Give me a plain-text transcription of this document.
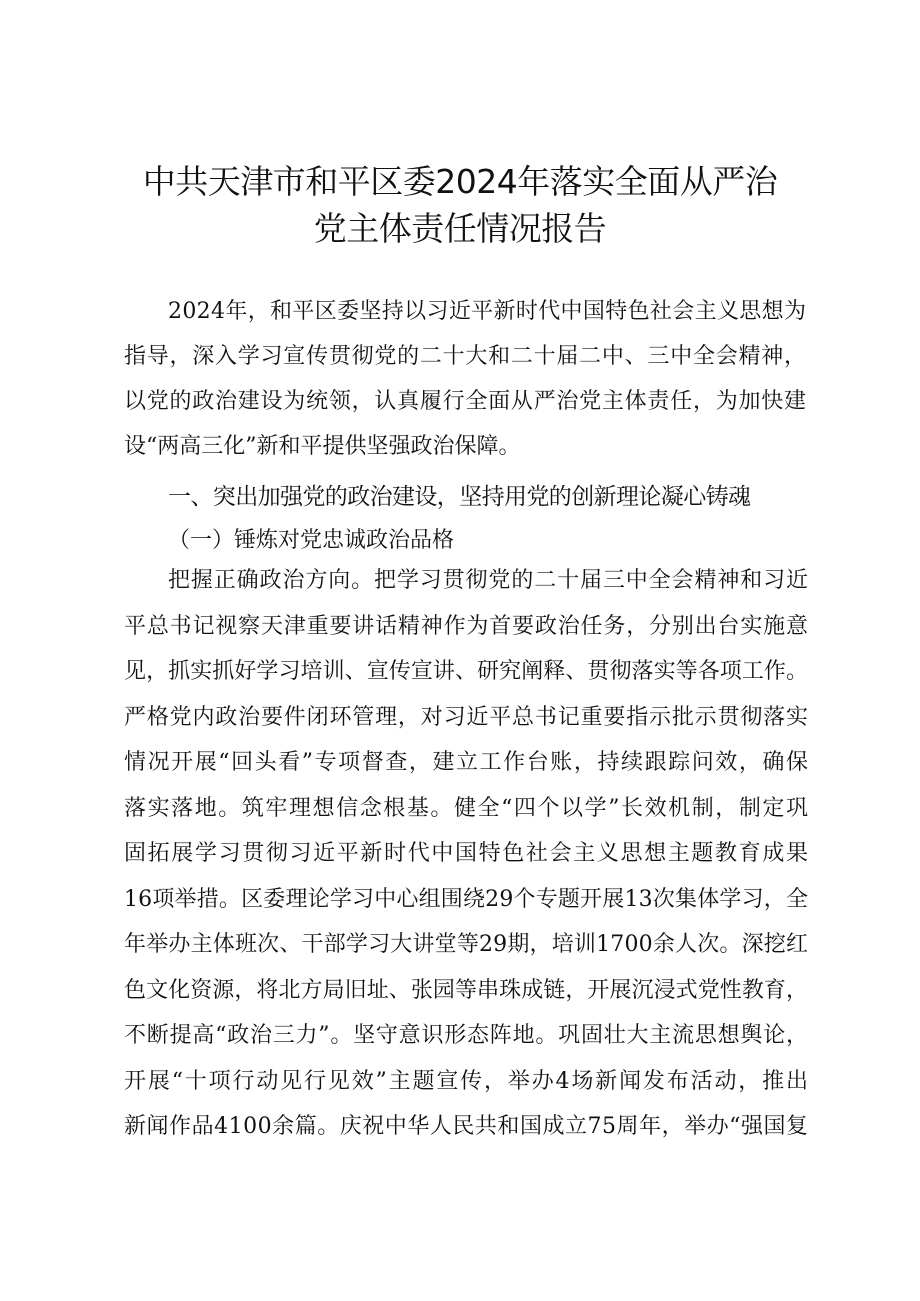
中共天津市和平区委2024年落实全面从严治
党主体责任情况报告
2024年，和平区委坚持以习近平新时代中国特色社会主义思想为
指导，深入学习宣传贯彻党的二十大和二十届二中、三中全会精神，
以党的政治建设为统领，认真履行全面从严治党主体责任，为加快建
设“两高三化”新和平提供坚强政治保障。
一、突出加强党的政治建设，坚持用党的创新理论凝心铸魂
（一）锤炼对党忠诚政治品格
把握正确政治方向。把学习贯彻党的二十届三中全会精神和习近
平总书记视察天津重要讲话精神作为首要政治任务，分别出台实施意
见，抓实抓好学习培训、宣传宣讲、研究阐释、贯彻落实等各项工作。
严格党内政治要件闭环管理，对习近平总书记重要指示批示贯彻落实
情况开展“回头看”专项督查，建立工作台账，持续跟踪问效，确保
落实落地。筑牢理想信念根基。健全“四个以学”长效机制，制定巩
固拓展学习贯彻习近平新时代中国特色社会主义思想主题教育成果
16项举措。区委理论学习中心组围绕29个专题开展13次集体学习，全
年举办主体班次、干部学习大讲堂等29期，培训1700余人次。深挖红
色文化资源，将北方局旧址、张园等串珠成链，开展沉浸式党性教育，
不断提高“政治三力”。坚守意识形态阵地。巩固壮大主流思想舆论，
开展“十项行动见行见效”主题宣传，举办4场新闻发布活动，推出
新闻作品4100余篇。庆祝中华人民共和国成立75周年，举办“强国复
